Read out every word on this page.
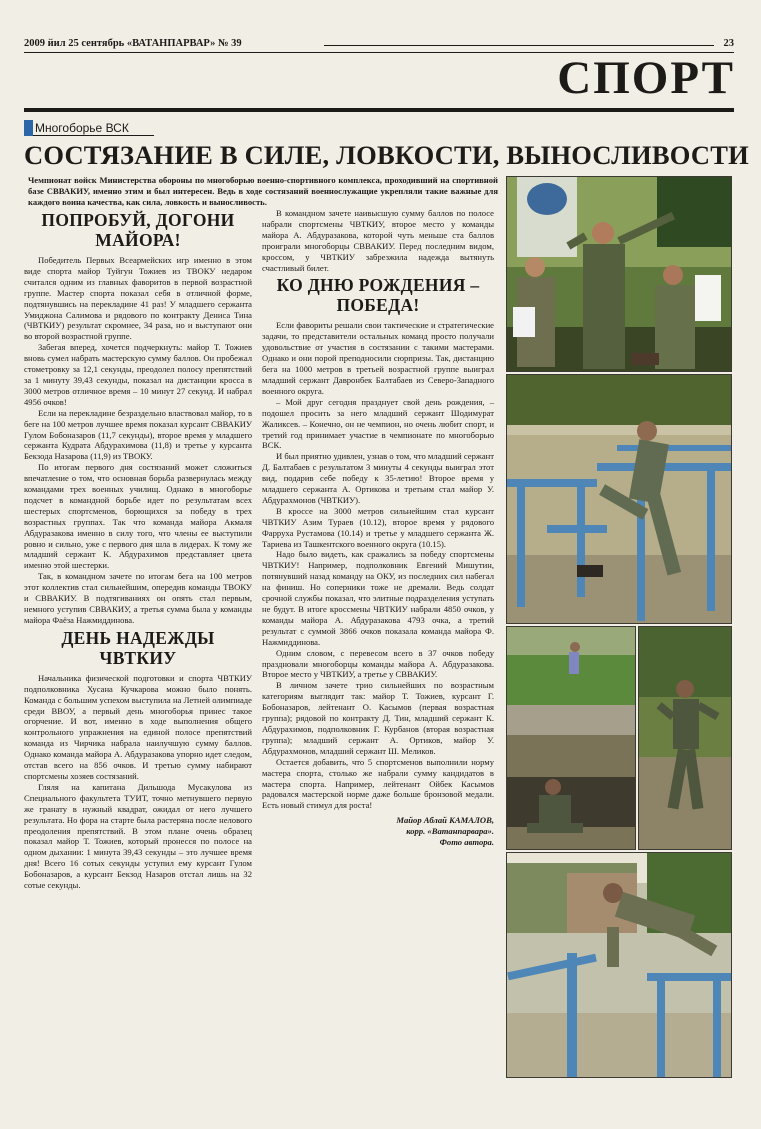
2009 йил 25 сентябрь «ВАТАНПАРВАР» № 39	23
СПОРТ
Многоборье ВСК
СОСТЯЗАНИЕ В СИЛЕ, ЛОВКОСТИ, ВЫНОСЛИВОСТИ
Чемпионат войск Министерства обороны по многоборью военно-спортивного комплекса, проходивший на спортивной базе СВВАКИУ, именно этим и был интересен. Ведь в ходе состязаний военнослужащие укрепляли такие важные для каждого воина качества, как сила, ловкость и выносливость.
ПОПРОБУЙ, ДОГОНИ МАЙОРА!

Победитель Первых Всеармейских игр именно в этом виде спорта майор Туйгун Тожиев из ТВОКУ недаром считался одним из главных фаворитов в первой возрастной группе. Мастер спорта показал себя в отличной форме, подтянувшись на перекладине 41 раз! У младшего сержанта Умиджона Салимова и рядового по контракту Дениса Тина (ЧВТКИУ) результат скромнее, 34 раза, но и выступают они во второй возрастной группе.

Забегая вперед, хочется подчеркнуть: майор Т. Тожиев вновь сумел набрать мастерскую сумму баллов. Он пробежал стометровку за 12,1 секунды, преодолел полосу препятствий за 1 минуту 39,43 секунды, показал на дистанции кросса в 3000 метров отличное время – 10 минут 27 секунд. И набрал 4956 очков!

Если на перекладине безраздельно властвовал майор, то в беге на 100 метров лучшее время показал курсант СВВАКИУ Гулом Бобоназаров (11,7 секунды), второе время у младшего сержанта Кудрата Абдурахимова (11,8) и третье у курсанта Бекзода Назарова (11,9) из ТВОКУ.

По итогам первого дня состязаний может сложиться впечатление о том, что основная борьба развернулась между командами трех военных училищ. Однако в многоборье подсчет в командной борьбе идет по результатам всех шестерых спортсменов, борющихся за победу в трех возрастных группах. Так что команда майора Акмаля Абдуразакова именно в силу того, что члены ее выступили ровно и сильно, уже с первого дня шла в лидерах. К тому же младший сержант К. Абдурахимов представляет цвета именно этой шестерки.

Так, в командном зачете по итогам бега на 100 метров этот коллектив стал сильнейшим, опередив команды ТВОКУ и СВВАКИУ. В подтягиваниях он опять стал первым, немного уступив СВВАКИУ, а третья сумма была у команды майора Фаёза Нажмиддинова.

ДЕНЬ НАДЕЖДЫ ЧВТКИУ

Начальника физической подготовки и спорта ЧВТКИУ подполковника Хусана Кучкарова можно было понять. Команда с большим успехом выступила на Летней олимпиаде среди ВВОУ, а первый день многоборья принес такое огорчение. И вот, именно в ходе выполнения общего контрольного упражнения на единой полосе препятствий команда из Чирчика набрала наилучшую сумму баллов. Однако команда майора А. Абдуразакова упорно идет следом, отстав всего на 856 очков. И третью сумму набирают спортсмены хозяев состязаний.

Гляля на капитана Дильшода Мусакулова из Специального факультета ТУИТ, точно метнувшего первую же гранату в нужный квадрат, ожидал от него лучшего результата. Но фора на старте была растеряна после нелового преодоления препятствий. В этом плане очень образец показал майор Т. Тожиев, который пронесся по полосе на одном дыхании: 1 минута 39,43 секунды – это лучшее время дня! Всего 16 сотых секунды уступил ему курсант Гулом Бобоназаров, а курсант Бекзод Назаров отстал лишь на 32 сотые секунды.

В командном зачете наивысшую сумму баллов по полосе набрали спортсмены ЧВТКИУ, второе место у команды майора А. Абдуразакова, которой чуть меньше ста баллов проиграли многоборцы СВВАКИУ. Перед последним видом, кроссом, у ЧВТКИУ забрезжила надежда вытянуть счастливый билет.

КО ДНЮ РОЖДЕНИЯ – ПОБЕДА!

Если фавориты решали свои тактические и стратегические задачи, то представители остальных команд просто получали удовольствие от участия в состязании с такими мастерами. Однако и они порой преподносили сюрпризы. Так, дистанцию бега на 1000 метров в третьей возрастной группе выиграл младший сержант Давронбек Балтабаев из Северо-Западного военного округа.

– Мой друг сегодня празднует свой день рождения, – подошел просить за него младший сержант Шодимурат Жаликсев. – Конечно, он не чемпион, но очень любит спорт, и третий год принимает участие в чемпионате по многоборью ВСК.

И был приятно удивлен, узнав о том, что младший сержант Д. Балтабаев с результатом 3 минуты 4 секунды выиграл этот вид, подарив себе победу к 35-летию! Второе время у младшего сержанта А. Ортикова и третьим стал майор У. Абдурахмонов (ЧВТКИУ).

В кроссе на 3000 метров сильнейшим стал курсант ЧВТКИУ Азим Тураев (10.12), второе время у рядового Фарруха Рустамова (10.14) и третье у младшего сержанта Ж. Тариева из Ташкентского военного округа (10.15).

Надо было видеть, как сражались за победу спортсмены ЧВТКИУ! Например, подполковник Евгений Мишутин, потянувший назад команду на ОКУ, из последних сил набегал на финиш. Но соперники тоже не дремали. Ведь солдат срочной службы показал, что элитные подразделения уступать не будут. В итоге кроссмены ЧВТКИУ набрали 4850 очков, у команды майора А. Абдуразакова 4793 очка, а третий результат с суммой 3866 очков показала команда майора Ф. Нажмиддинова.

Одним словом, с перевесом всего в 37 очков победу праздновали многоборцы команды майора А. Абдуразакова. Второе место у ЧВТКИУ, а третье у СВВАКИУ.

В личном зачете трио сильнейших по возрастным категориям выглядит так: майор Т. Тожиев, курсант Г. Бобоназаров, лейтенант О. Касымов (первая возрастная группа); рядовой по контракту Д. Тин, младший сержант К. Абдурахимов, подполковник Г. Курбанов (вторая возрастная группа); младший сержант А. Ортиков, майор У. Абдурахмонов, младший сержант Ш. Меликов.

Остается добавить, что 5 спортсменов выполнили норму мастера спорта, столько же набрали сумму кандидатов в мастера спорта. Например, лейтенант Ойбек Касымов радовался мастерской норме даже больше бронзовой медали. Есть новый стимул для роста!

Майор Аблай КАМАЛОВ,
корр. «Ватанпарвара».
Фото автора.
